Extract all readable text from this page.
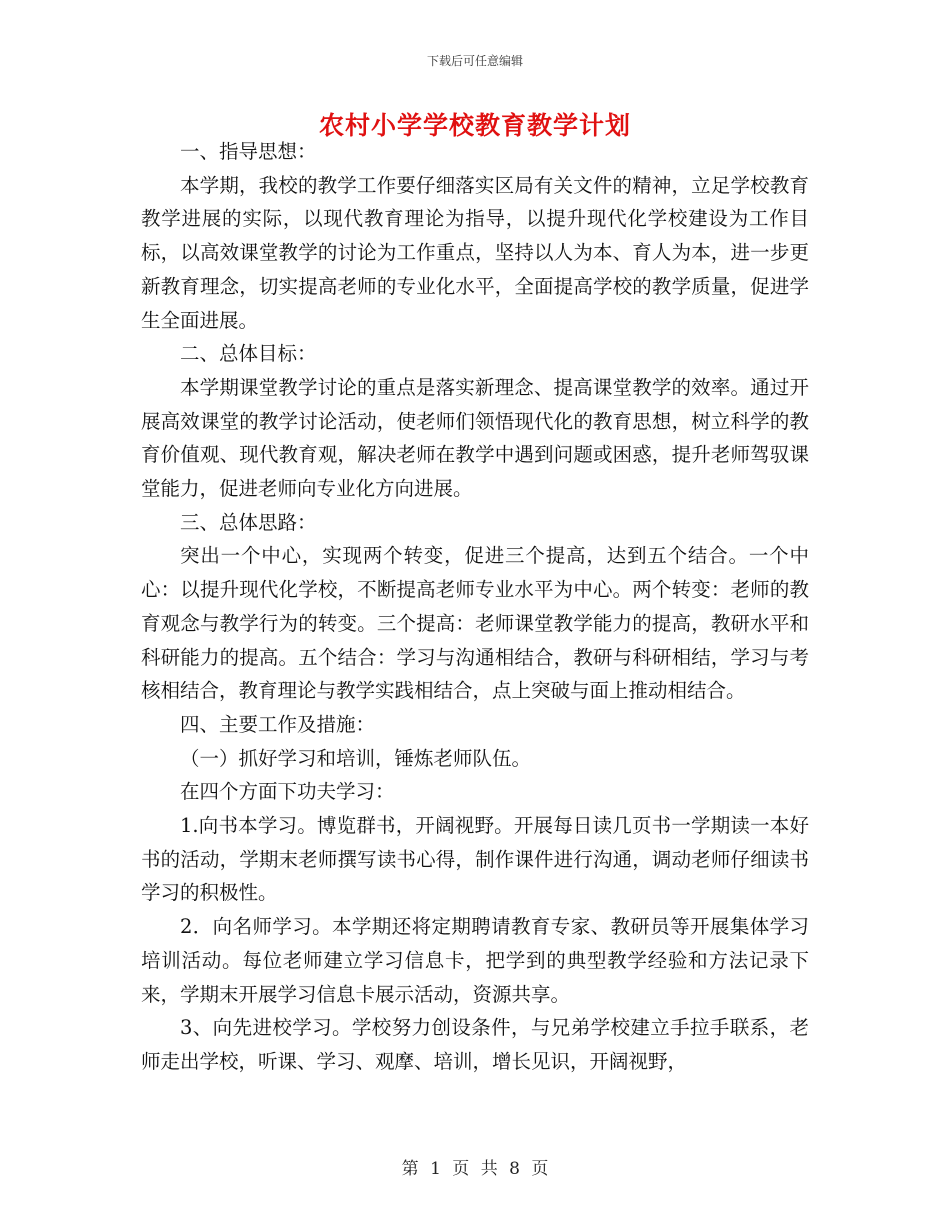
下载后可任意编辑
农村小学学校教育教学计划

一、指导思想：

本学期，我校的教学工作要仔细落实区局有关文件的精神，立足学校教育教学进展的实际，以现代教育理论为指导，以提升现代化学校建设为工作目标，以高效课堂教学的讨论为工作重点，坚持以人为本、育人为本，进一步更新教育理念，切实提高老师的专业化水平，全面提高学校的教学质量，促进学生全面进展。

二、总体目标：

本学期课堂教学讨论的重点是落实新理念、提高课堂教学的效率。通过开展高效课堂的教学讨论活动，使老师们领悟现代化的教育思想，树立科学的教育价值观、现代教育观，解决老师在教学中遇到问题或困惑，提升老师驾驭课堂能力，促进老师向专业化方向进展。

三、总体思路：

突出一个中心，实现两个转变，促进三个提高，达到五个结合。一个中心：以提升现代化学校，不断提高老师专业水平为中心。两个转变：老师的教育观念与教学行为的转变。三个提高：老师课堂教学能力的提高，教研水平和科研能力的提高。五个结合：学习与沟通相结合，教研与科研相结，学习与考核相结合，教育理论与教学实践相结合，点上突破与面上推动相结合。

四、主要工作及措施：

（一）抓好学习和培训，锤炼老师队伍。

在四个方面下功夫学习：

1.向书本学习。博览群书，开阔视野。开展每日读几页书一学期读一本好书的活动，学期末老师撰写读书心得，制作课件进行沟通，调动老师仔细读书学习的积极性。

2．向名师学习。本学期还将定期聘请教育专家、教研员等开展集体学习培训活动。每位老师建立学习信息卡，把学到的典型教学经验和方法记录下来，学期末开展学习信息卡展示活动，资源共享。

3、向先进校学习。学校努力创设条件，与兄弟学校建立手拉手联系，老师走出学校，听课、学习、观摩、培训，增长见识，开阔视野，

第 1 页 共 8 页
